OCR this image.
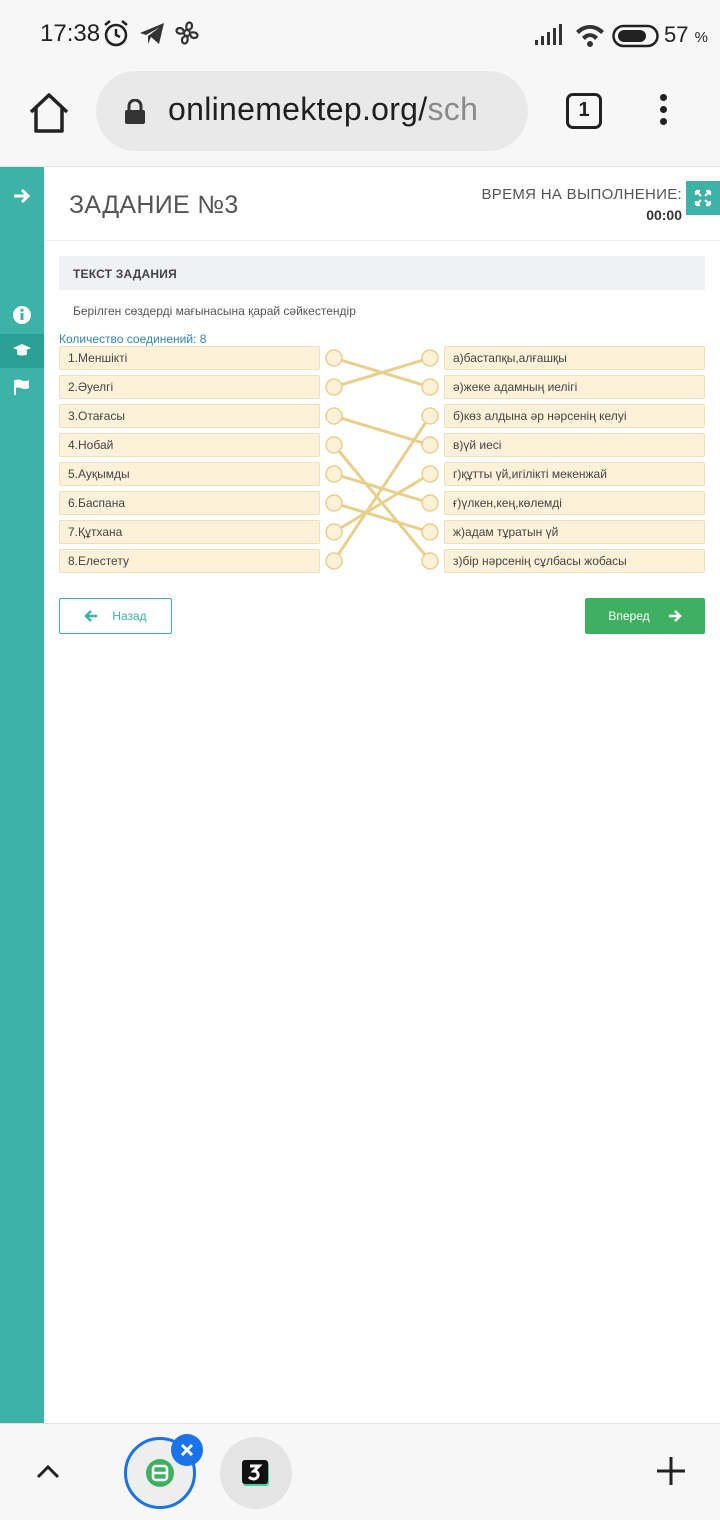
17:38	57 %
onlinemektep.org/sch	1
ЗАДАНИЕ №3	ВРЕМЯ НА ВЫПОЛНЕНИЕ:
00:00
ТЕКСТ ЗАДАНИЯ
Берілген сөздерді мағынасына қарай сәйкестендір
Количество соединений: 8
1.Меншікті
2.Әуелгі
3.Отағасы
4.Нобай
5.Ауқымды
6.Баспана
7.Құтхана
8.Елестету
а)бастапқы,алғашқы
ә)жеке адамның иелігі
б)көз алдына әр нәрсенің келуі
в)үй иесі
г)құтты үй,игілікті мекенжай
ғ)үлкен,кең,көлемді
ж)адам тұратын үй
з)бір нәрсенің сұлбасы жобасы
Назад	Вперед
